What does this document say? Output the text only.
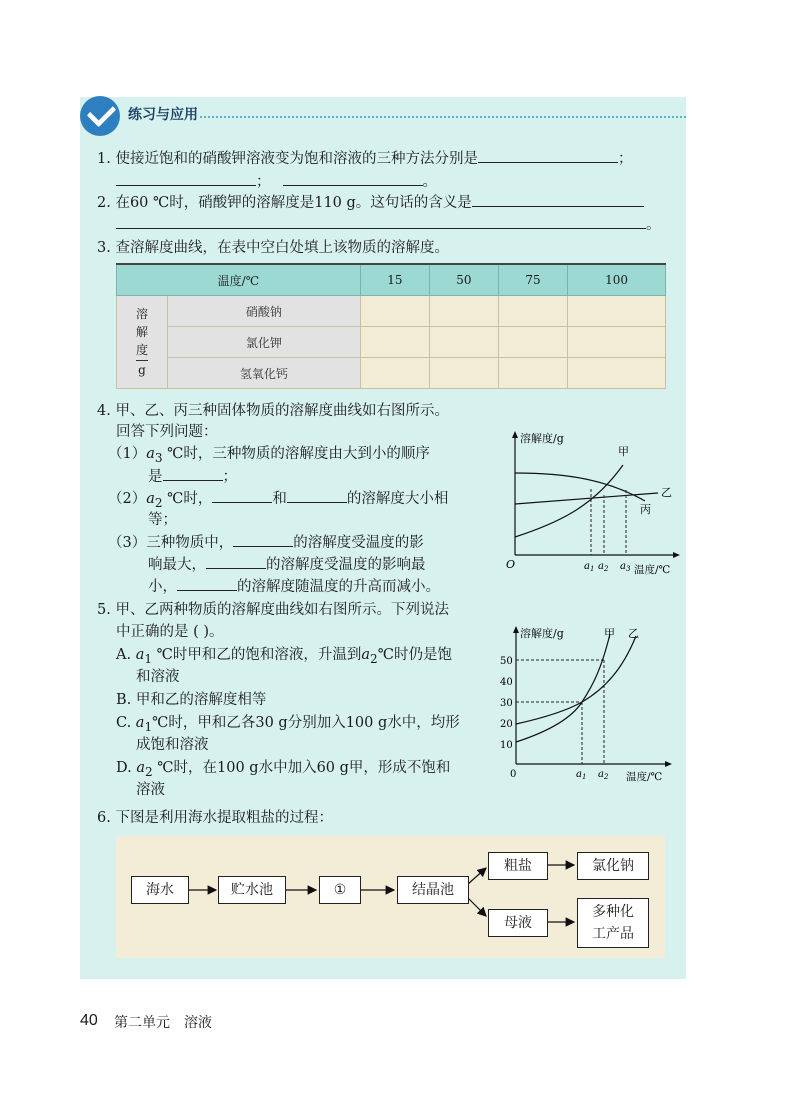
练习与应用
1. 使接近饱和的硝酸钾溶液变为饱和溶液的三种方法分别是	；
；	。
2. 在60 ℃时，硝酸钾的溶解度是110 g。这句话的含义是
。
3. 查溶解度曲线，在表中空白处填上该物质的溶解度。
温度/℃		15	50	75	100

溶
解
度
g	硝酸钠				
	氯化钾				
	氢氧化钙				
4. 甲、乙、丙三种固体物质的溶解度曲线如右图所示。
回答下列问题：
$(1)a_3$ ℃时，三种物质的溶解度由大到小的顺序
是	；
$(2)a_2$ ℃时，	和	的溶解度大小相
等；
（3）三种物质中，	的溶解度受温度的影
响最大，	的溶解度受温度的影响最
小，	的溶解度随温度的升高而减小。
溶解度/g
O	温度/℃
甲
乙
丙
$a_1$ $a_2$ $a_3$
5. 甲、乙两种物质的溶解度曲线如右图所示。下列说法
中正确的是 ( )。
A. $a_1$ ℃时甲和乙的饱和溶液，升温到$a_2℃$时仍是饱
和溶液
B. 甲和乙的溶解度相等
C. $a_1℃$时，甲和乙各30 g分别加入100 g水中，均形
成饱和溶液
D. $a_2$ ℃时，在100 g水中加入60 g甲，形成不饱和
溶液
溶解度/g
0	温度/℃
10
20
30
40
50
甲 乙
$a_1$ $a_2$
6. 下图是利用海水提取粗盐的过程：
海水	贮水池	①	结晶池
粗盐	氯化钠
母液
多种化
工产品
40 第二单元　溶液
